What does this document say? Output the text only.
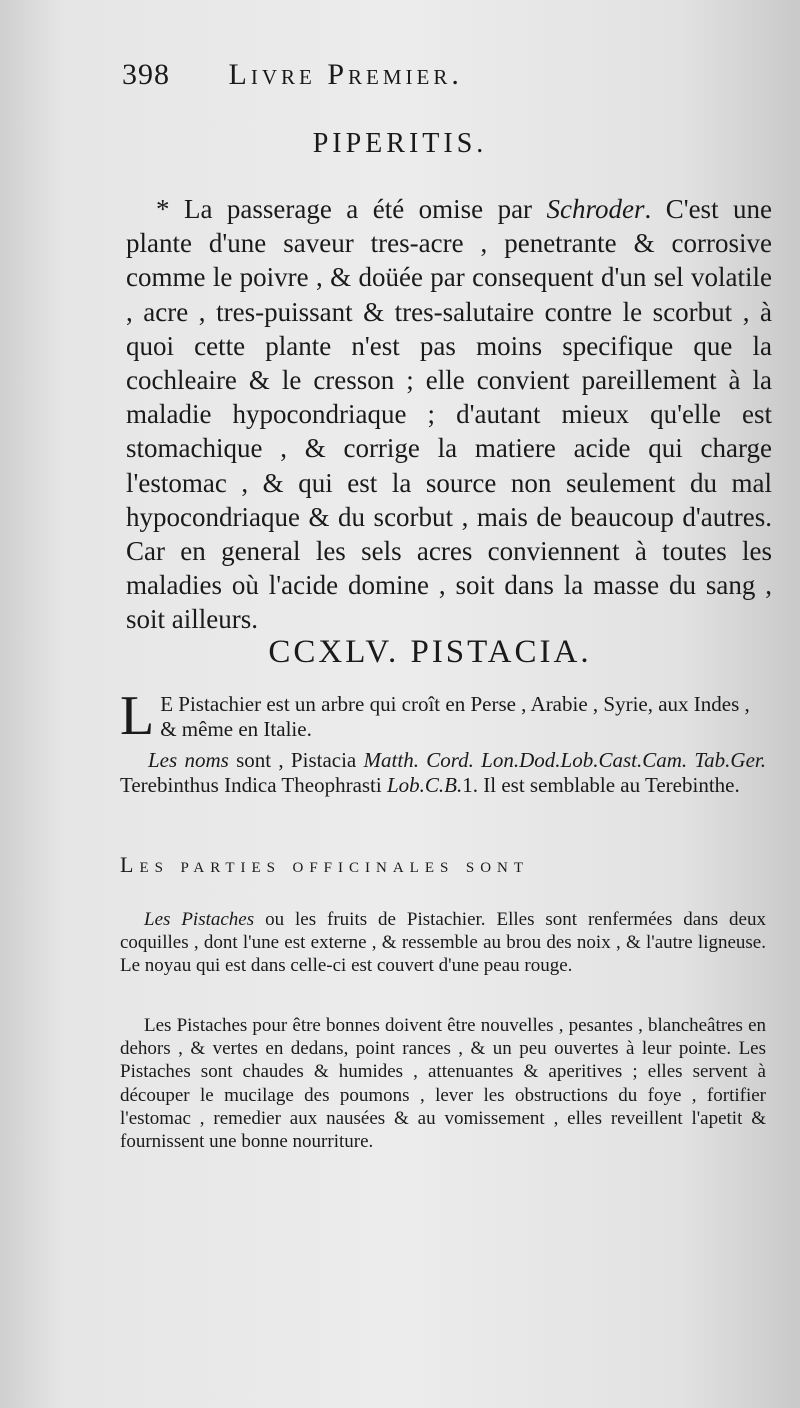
398 Livre Premier.
PIPERITIS.
* La passerage a été omise par Schroder. C'est une plante d'une saveur tres-acre , penetrante & corrosive comme le poivre , & doüée par consequent d'un sel volatile , acre , tres-puissant & tres-salutaire contre le scorbut , à quoi cette plante n'est pas moins specifique que la cochleaire & le cresson ; elle convient pareillement à la maladie hypocondriaque ; d'autant mieux qu'elle est stomachique , & corrige la matiere acide qui charge l'estomac , & qui est la source non seulement du mal hypocondriaque & du scorbut , mais de beaucoup d'autres. Car en general les sels acres conviennent à toutes les maladies où l'acide domine , soit dans la masse du sang , soit ailleurs.
CCXLV. PISTACIA.
L E Pistachier est un arbre qui croît en Perse , Arabie , Syrie, aux Indes , & même en Italie.
Les noms sont , Pistacia Matth. Cord. Lon.Dod.Lob.Cast.Cam. Tab.Ger. Terebinthus Indica Theophrasti Lob.C.B.1. Il est semblable au Terebinthe.
Les parties officinales sont
Les Pistaches ou les fruits de Pistachier. Elles sont renfermées dans deux coquilles , dont l'une est externe , & ressemble au brou des noix , & l'autre ligneuse. Le noyau qui est dans celle-ci est couvert d'une peau rouge.
Les Pistaches pour être bonnes doivent être nouvelles , pesantes , blancheâtres en dehors , & vertes en dedans, point rances , & un peu ouvertes à leur pointe. Les Pistaches sont chaudes & humides , attenuantes & aperitives ; elles servent à découper le mucilage des poumons , lever les obstructions du foye , fortifier l'estomac , remedier aux nausées & au vomissement , elles reveillent l'apetit & fournissent une bonne nourriture.
